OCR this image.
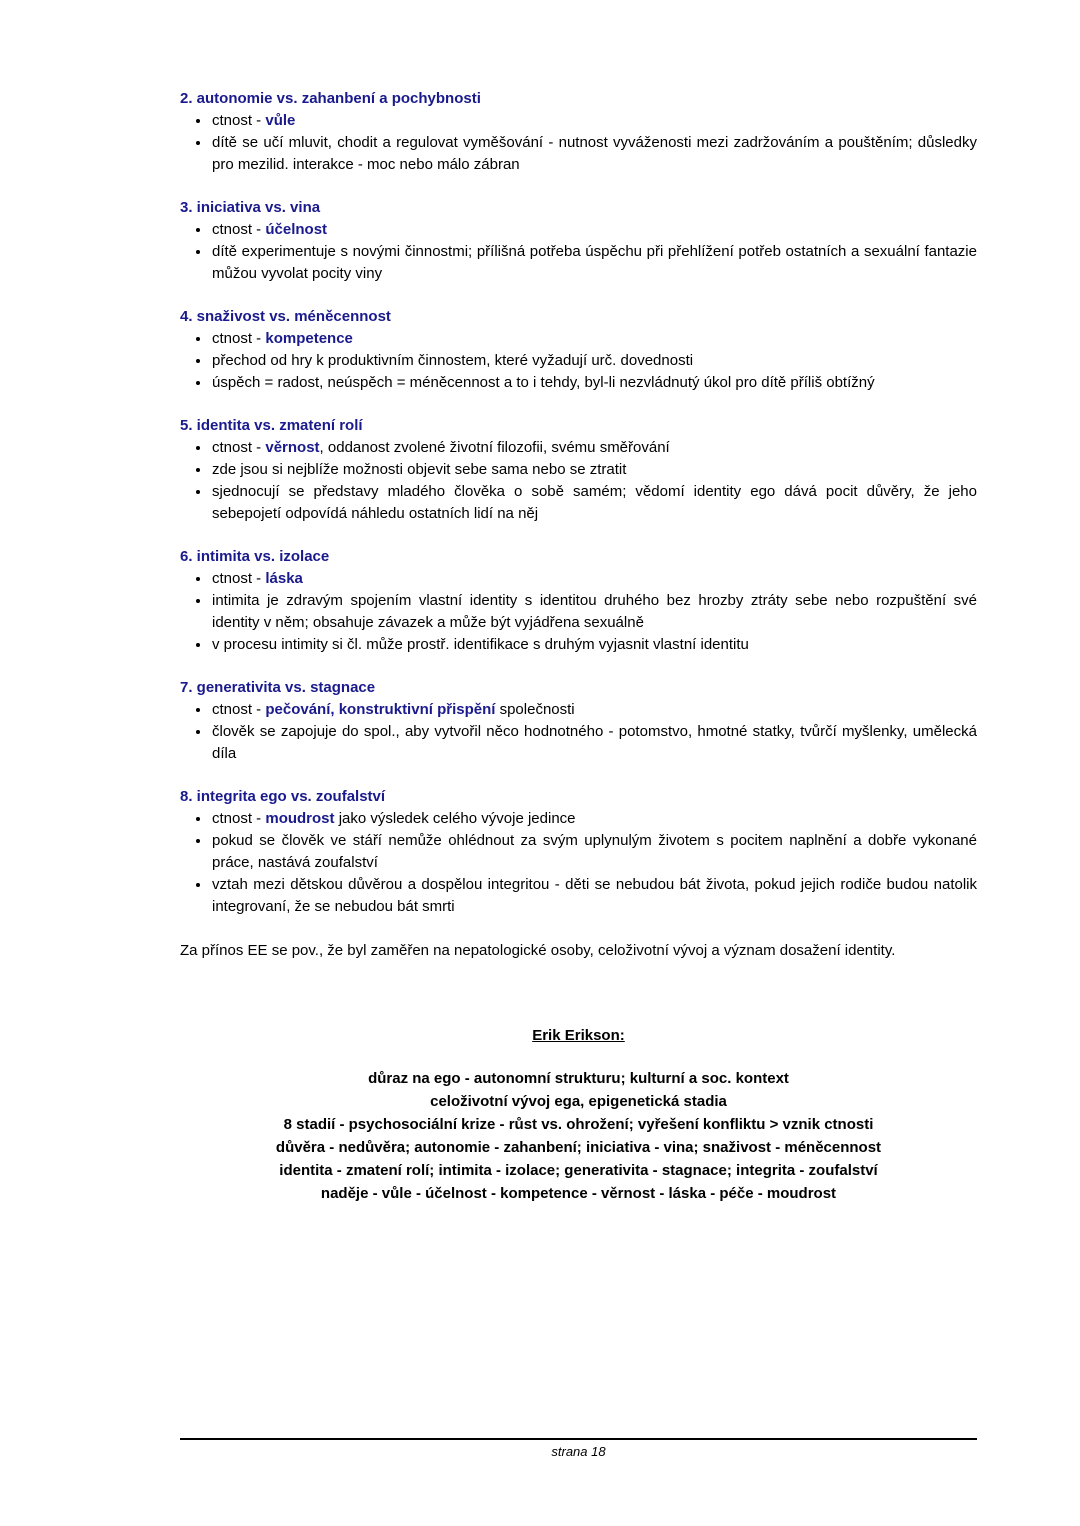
2. autonomie vs. zahanbení a pochybnosti
• ctnost - vůle
• dítě se učí mluvit, chodit a regulovat vyměšování - nutnost vyváženosti mezi zadržováním a pouštěním; důsledky pro mezilid. interakce - moc nebo málo zábran
3. iniciativa vs. vina
• ctnost - účelnost
• dítě experimentuje s novými činnostmi; přílišná potřeba úspěchu při přehlížení potřeb ostatních a sexuální fantazie můžou vyvolat pocity viny
4. snaživost vs. méněcennost
• ctnost - kompetence
• přechod od hry k produktivním činnostem, které vyžadují urč. dovednosti
• úspěch = radost, neúspěch = méněcennost a to i tehdy, byl-li nezvládnutý úkol pro dítě příliš obtížný
5. identita vs. zmatení rolí
• ctnost - věrnost, oddanost zvolené životní filozofii, svému směřování
• zde jsou si nejblíže možnosti objevit sebe sama nebo se ztratit
• sjednocují se představy mladého člověka o sobě samém; vědomí identity ego dává pocit důvěry, že jeho sebepojetí odpovídá náhledu ostatních lidí na něj
6. intimita vs. izolace
• ctnost - láska
• intimita je zdravým spojením vlastní identity s identitou druhého bez hrozby ztráty sebe nebo rozpuštění své identity v něm; obsahuje závazek a může být vyjádřena sexuálně
• v procesu intimity si čl. může prostř. identifikace s druhým vyjasnit vlastní identitu
7. generativita vs. stagnace
• ctnost - pečování, konstruktivní přispění společnosti
• člověk se zapojuje do spol., aby vytvořil něco hodnotného - potomstvo, hmotné statky, tvůrčí myšlenky, umělecká díla
8. integrita ego vs. zoufalství
• ctnost - moudrost jako výsledek celého vývoje jedince
• pokud se člověk ve stáří nemůže ohlédnout za svým uplynulým životem s pocitem naplnění a dobře vykonané práce, nastává zoufalství
• vztah mezi dětskou důvěrou a dospělou integritou - děti se nebudou bát života, pokud jejich rodiče budou natolik integrovaní, že se nebudou bát smrti

Za přínos EE se pov., že byl zaměřen na nepatologické osoby, celoživotní vývoj a význam dosažení identity.

Erik Erikson:
důraz na ego - autonomní strukturu; kulturní a soc. kontext
celoživotní vývoj ega, epigenetická stadia
8 stadií - psychosociální krize - růst vs. ohrožení; vyřešení konfliktu > vznik ctnosti
důvěra - nedůvěra; autonomie - zahanbení; iniciativa - vina; snaživost - méněcennost
identita - zmatení rolí; intimita - izolace; generativita - stagnace; integrita - zoufalství
naděje - vůle - účelnost - kompetence - věrnost - láska - péče - moudrost
strana 18
